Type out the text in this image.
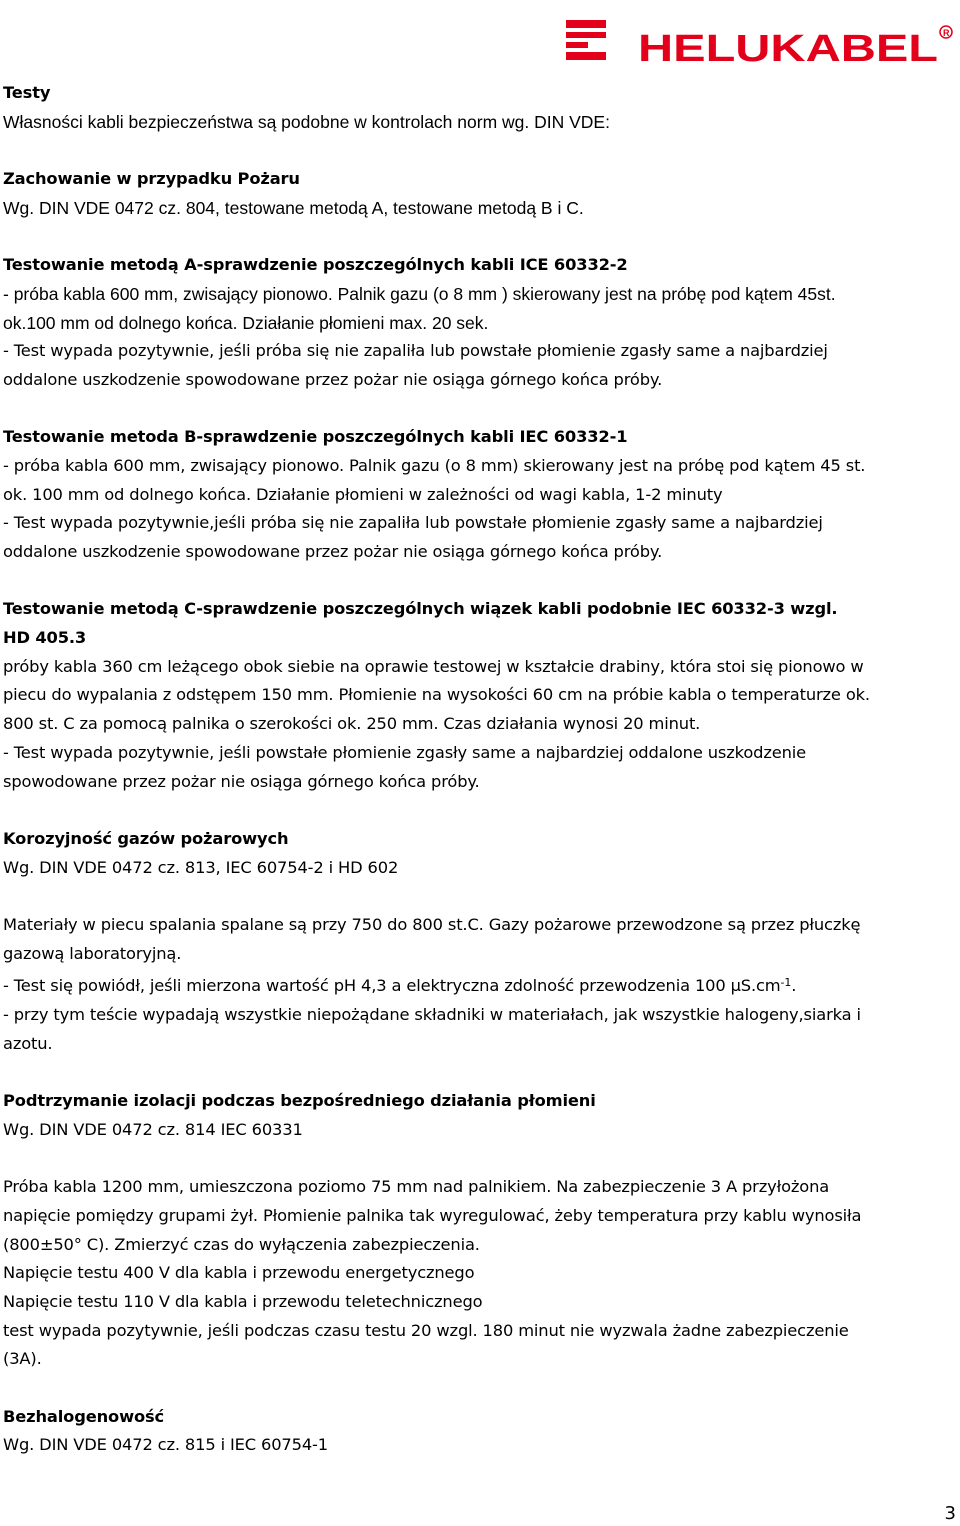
HELUKABEL R
Testy
Własności kabli bezpieczeństwa są podobne w kontrolach norm wg. DIN VDE:
Zachowanie w przypadku Pożaru
Wg. DIN VDE 0472 cz. 804, testowane metodą A, testowane metodą B i C.
Testowanie metodą A-sprawdzenie poszczególnych kabli ICE 60332-2
- próba kabla 600 mm, zwisający pionowo. Palnik gazu (o 8 mm ) skierowany jest na próbę pod kątem 45st.
ok.100 mm od dolnego końca. Działanie płomieni max. 20 sek.
- Test wypada pozytywnie, jeśli próba się nie zapaliła lub powstałe płomienie zgasły same a najbardziej
oddalone uszkodzenie spowodowane przez pożar nie osiąga górnego końca próby.
Testowanie metoda B-sprawdzenie poszczególnych kabli IEC 60332-1
- próba kabla 600 mm, zwisający pionowo. Palnik gazu (o 8 mm) skierowany jest na próbę pod kątem 45 st.
ok. 100 mm od dolnego końca. Działanie płomieni w zależności od wagi kabla, 1-2 minuty
- Test wypada pozytywnie,jeśli próba się nie zapaliła lub powstałe płomienie zgasły same a najbardziej
oddalone uszkodzenie spowodowane przez pożar nie osiąga górnego końca próby.
Testowanie metodą C-sprawdzenie poszczególnych wiązek kabli podobnie IEC 60332-3 wzgl.
HD 405.3
próby kabla 360 cm leżącego obok siebie na oprawie testowej w kształcie drabiny, która stoi się pionowo w
piecu do wypalania z odstępem 150 mm. Płomienie na wysokości 60 cm na próbie kabla o temperaturze ok.
800 st. C za pomocą palnika o szerokości ok. 250 mm. Czas działania wynosi 20 minut.
- Test wypada pozytywnie, jeśli powstałe płomienie zgasły same a najbardziej oddalone uszkodzenie
spowodowane przez pożar nie osiąga górnego końca próby.
Korozyjność gazów pożarowych
Wg. DIN VDE 0472 cz. 813, IEC 60754-2 i HD 602
Materiały w piecu spalania spalane są przy 750 do 800 st.C. Gazy pożarowe przewodzone są przez płuczkę
gazową laboratoryjną.
- Test się powiódł, jeśli mierzona wartość pH 4,3 a elektryczna zdolność przewodzenia 100 $\mu S.cm^{-1}$.
- przy tym teście wypadają wszystkie niepożądane składniki w materiałach, jak wszystkie halogeny,siarka i
azotu.
Podtrzymanie izolacji podczas bezpośredniego działania płomieni
Wg. DIN VDE 0472 cz. 814 IEC 60331
Próba kabla 1200 mm, umieszczona poziomo 75 mm nad palnikiem. Na zabezpieczenie 3 A przyłożona
napięcie pomiędzy grupami żył. Płomienie palnika tak wyregulować, żeby temperatura przy kablu wynosiła
(800±50° C). Zmierzyć czas do wyłączenia zabezpieczenia.
Napięcie testu 400 V dla kabla i przewodu energetycznego
Napięcie testu 110 V dla kabla i przewodu teletechnicznego
test wypada pozytywnie, jeśli podczas czasu testu 20 wzgl. 180 minut nie wyzwala żadne zabezpieczenie
(3A).
Bezhalogenowość
Wg. DIN VDE 0472 cz. 815 i IEC 60754-1
3
